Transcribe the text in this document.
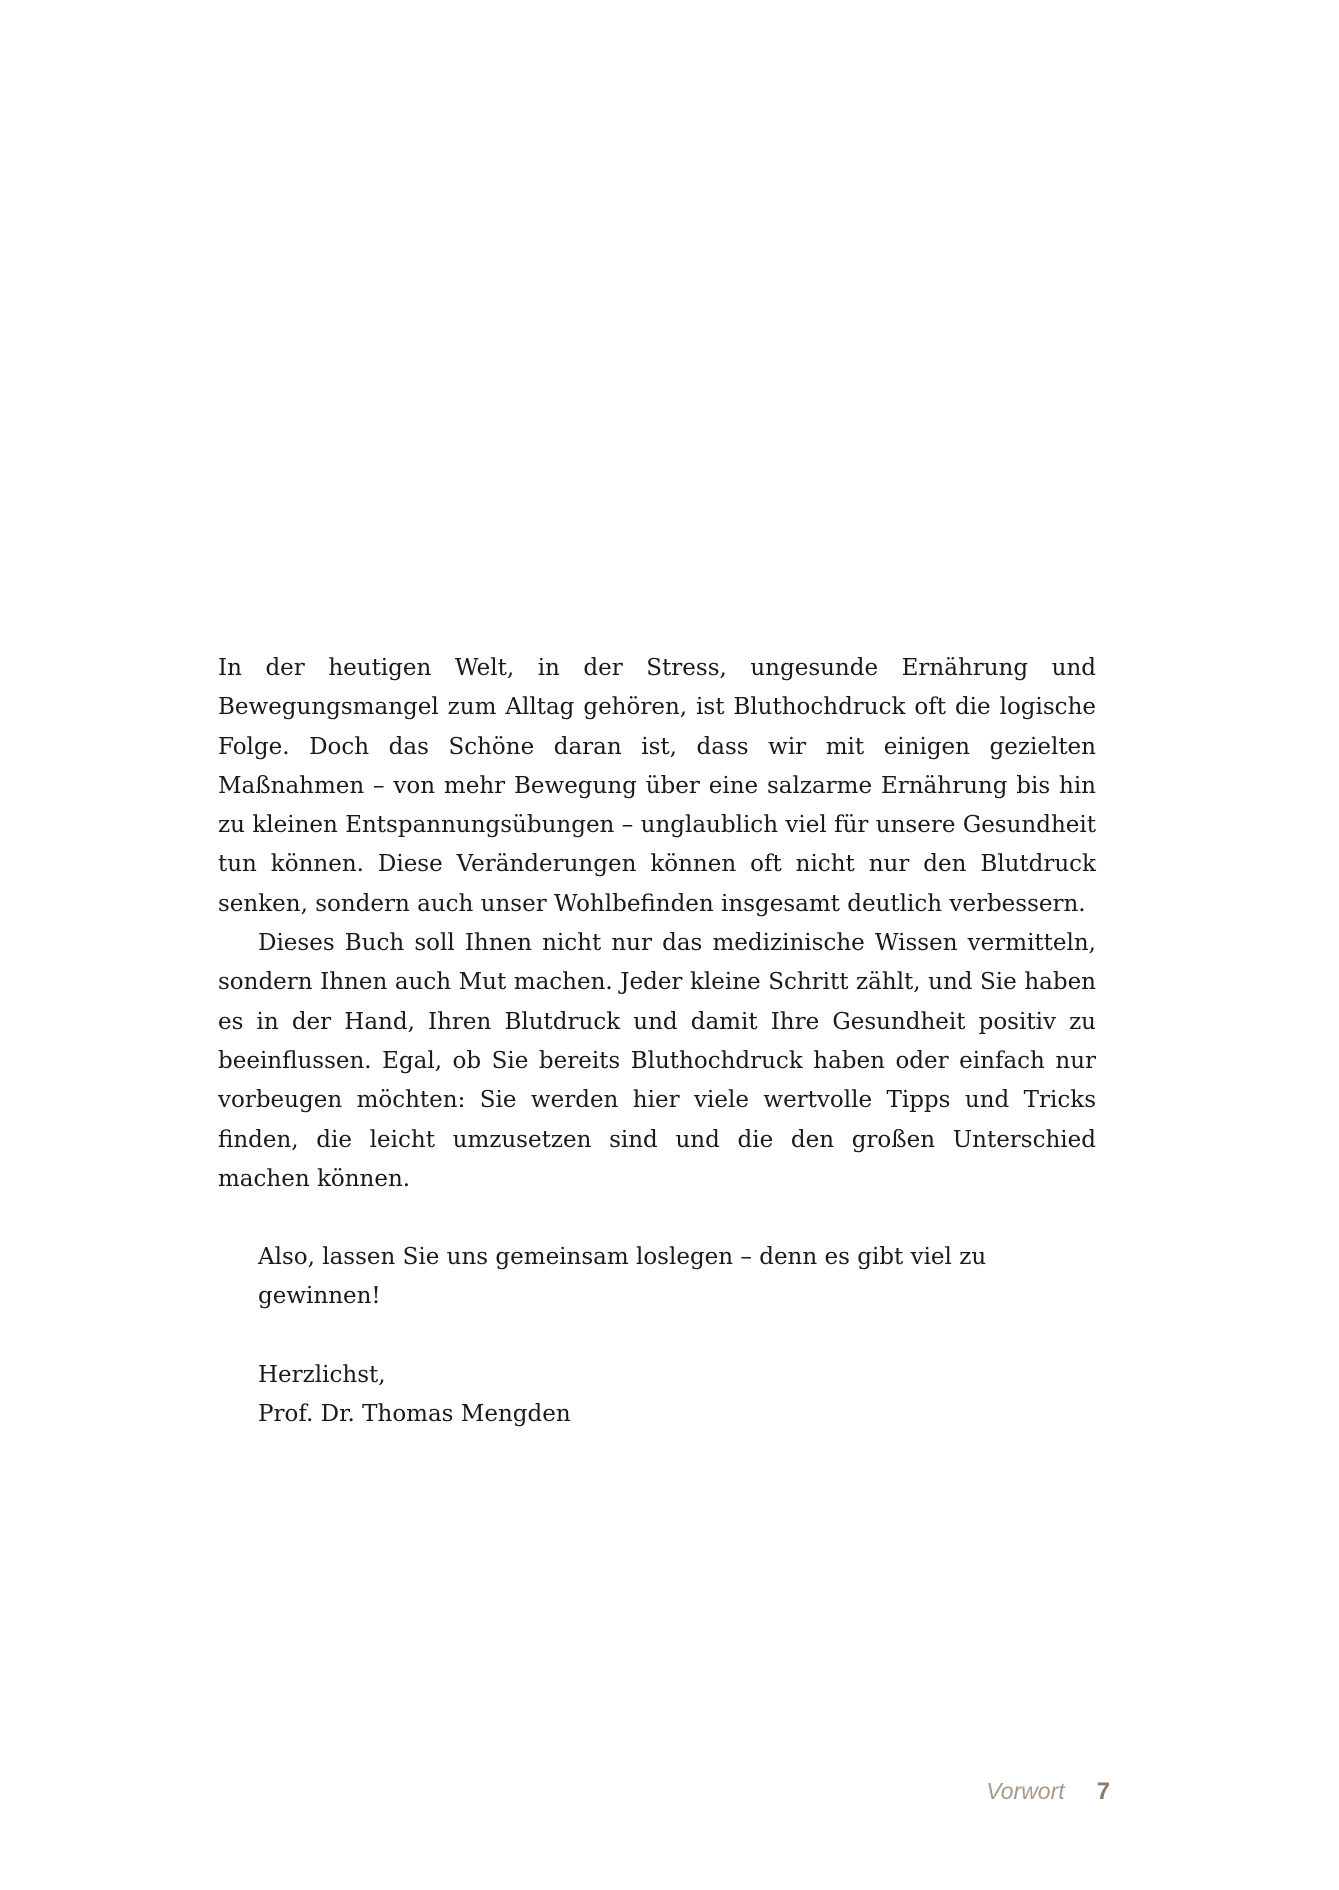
In der heutigen Welt, in der Stress, ungesunde Ernährung und Bewegungsmangel zum Alltag gehören, ist Bluthochdruck oft die logische Folge. Doch das Schöne daran ist, dass wir mit einigen gezielten Maßnahmen – von mehr Bewegung über eine salzarme Ernährung bis hin zu kleinen Entspannungsübungen – unglaublich viel für unsere Gesundheit tun können. Diese Veränderungen können oft nicht nur den Blutdruck senken, sondern auch unser Wohlbefinden insgesamt deutlich verbessern.

Dieses Buch soll Ihnen nicht nur das medizinische Wissen vermitteln, sondern Ihnen auch Mut machen. Jeder kleine Schritt zählt, und Sie haben es in der Hand, Ihren Blutdruck und damit Ihre Gesundheit positiv zu beeinflussen. Egal, ob Sie bereits Bluthochdruck haben oder einfach nur vorbeugen möchten: Sie werden hier viele wertvolle Tipps und Tricks finden, die leicht umzusetzen sind und die den großen Unterschied machen können.

Also, lassen Sie uns gemeinsam loslegen – denn es gibt viel zu gewinnen!

Herzlichst,

Prof. Dr. Thomas Mengden

Vorwort 7
